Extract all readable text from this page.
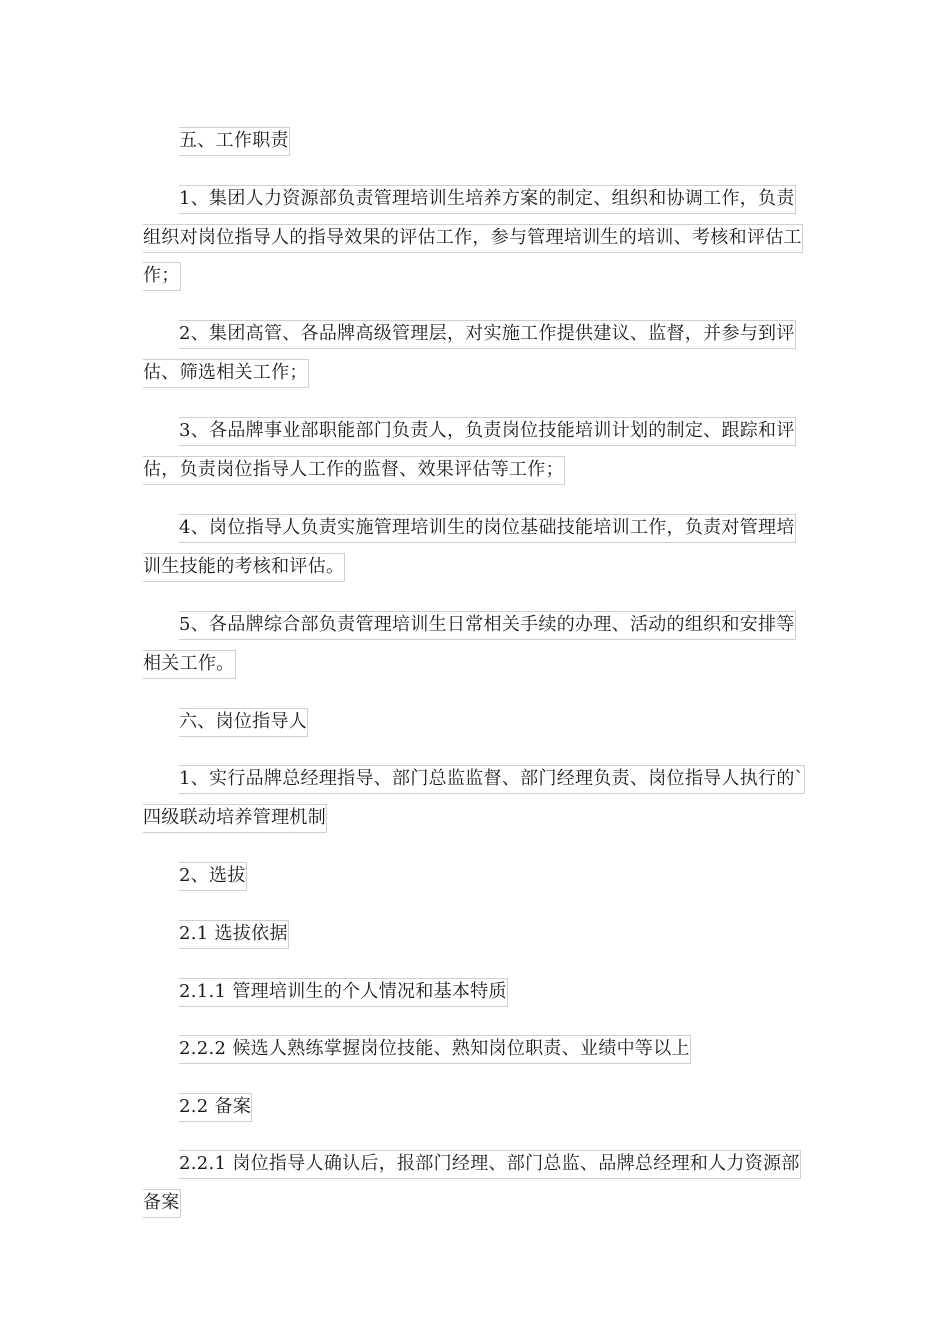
五、工作职责

1、集团人力资源部负责管理培训生培养方案的制定、组织和协调工作，负责组织对岗位指导人的指导效果的评估工作，参与管理培训生的培训、考核和评估工作；

2、集团高管、各品牌高级管理层，对实施工作提供建议、监督，并参与到评估、筛选相关工作；

3、各品牌事业部职能部门负责人，负责岗位技能培训计划的制定、跟踪和评估，负责岗位指导人工作的监督、效果评估等工作；

4、岗位指导人负责实施管理培训生的岗位基础技能培训工作，负责对管理培训生技能的考核和评估。

5、各品牌综合部负责管理培训生日常相关手续的办理、活动的组织和安排等相关工作。

六、岗位指导人

1、实行品牌总经理指导、部门总监监督、部门经理负责、岗位指导人执行的`四级联动培养管理机制

2、选拔

2.1 选拔依据

2.1.1 管理培训生的个人情况和基本特质

2.2.2 候选人熟练掌握岗位技能、熟知岗位职责、业绩中等以上

2.2 备案

2.2.1 岗位指导人确认后，报部门经理、部门总监、品牌总经理和人力资源部备案
